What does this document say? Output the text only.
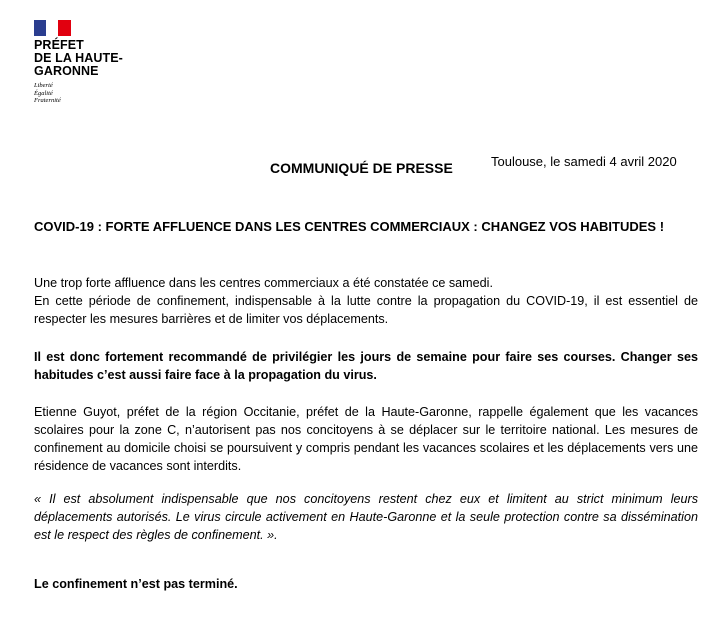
PRÉFET
DE LA HAUTE-
GARONNE
Liberté
Égalité
Fraternité
COMMUNIQUÉ DE PRESSE	Toulouse, le samedi 4 avril 2020
COVID-19 : FORTE AFFLUENCE DANS LES CENTRES COMMERCIAUX : CHANGEZ VOS HABITUDES !

Une trop forte affluence dans les centres commerciaux a été constatée ce samedi.

En cette période de confinement, indispensable à la lutte contre la propagation du COVID-19, il est essentiel de respecter les mesures barrières et de limiter vos déplacements.

Il est donc fortement recommandé de privilégier les jours de semaine pour faire ses courses. Changer ses habitudes c’est aussi faire face à la propagation du virus.
Etienne Guyot, préfet de la région Occitanie, préfet de la Haute-Garonne, rappelle également que les vacances scolaires pour la zone C, n’autorisent pas nos concitoyens à se déplacer sur le territoire national. Les mesures de confinement au domicile choisi se poursuivent y compris pendant les vacances scolaires et les déplacements vers une résidence de vacances sont interdits.
« Il est absolument indispensable que nos concitoyens restent chez eux et limitent au strict minimum leurs déplacements autorisés. Le virus circule activement en Haute-Garonne et la seule protection contre sa dissémination est le respect des règles de confinement. ».
Le confinement n’est pas terminé.
